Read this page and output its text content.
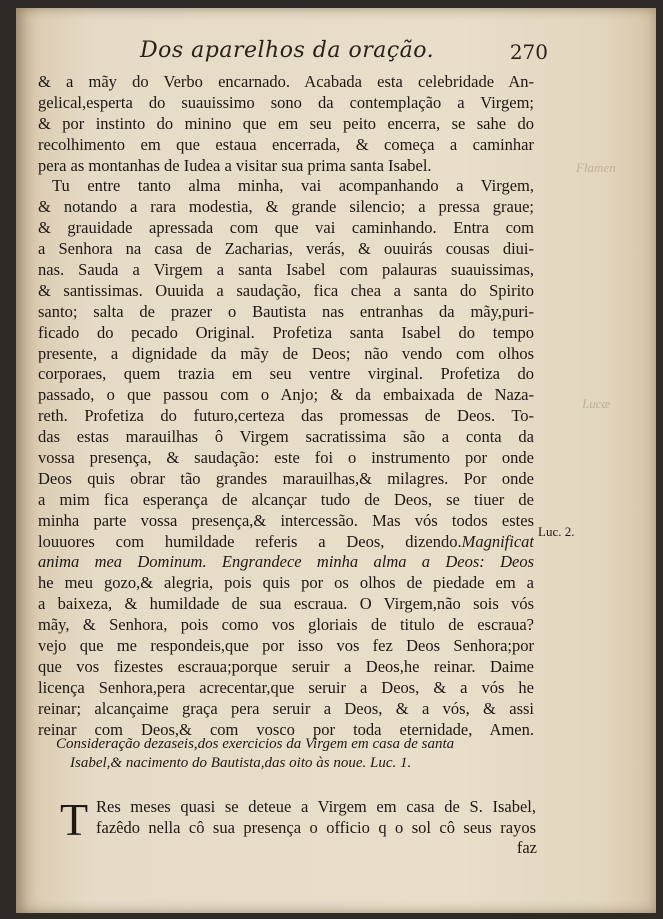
Flamen
Lucæ
Dos aparelhos da oração.	270
& a mãy do Verbo encarnado. Acabada esta celebridade An-
gelical,esperta do suauissimo sono da contemplação a Virgem;
& por instinto do minino que em seu peito encerra, se sahe do
recolhimento em que estaua encerrada, & começa a caminhar
pera as montanhas de Iudea a visitar sua prima santa Isabel.
Tu entre tanto alma minha, vai acompanhando a Virgem,
& notando a rara modestia, & grande silencio; a pressa graue;
& grauidade apressada com que vai caminhando. Entra com
a Senhora na casa de Zacharias, verás, & ouuirás cousas diui-
nas. Sauda a Virgem a santa Isabel com palauras suauissimas,
& santissimas. Ouuida a saudação, fica chea a santa do Spirito
santo; salta de prazer o Bautista nas entranhas da mãy,puri-
ficado do pecado Original. Profetiza santa Isabel do tempo
presente, a dignidade da mãy de Deos; não vendo com olhos
corporaes, quem trazia em seu ventre virginal. Profetiza do
passado, o que passou com o Anjo; & da embaixada de Naza-
reth. Profetiza do futuro,certeza das promessas de Deos. To-
das estas marauilhas ô Virgem sacratissima são a conta da
vossa presença, & saudação: este foi o instrumento por onde
Deos quis obrar tão grandes marauilhas,& milagres. Por onde
a mim fica esperança de alcançar tudo de Deos, se tiuer de
minha parte vossa presença,& intercessão. Mas vós todos estes
louuores com humildade referis a Deos, dizendo. Magnificat
anima mea Dominum. Engrandece minha alma a Deos: Deos
he meu gozo,& alegria, pois quis por os olhos de piedade em a
a baixeza, & humildade de sua escraua. O Virgem,não sois vós
mãy, & Senhora, pois como vos gloriais de titulo de escraua?
vejo que me respondeis,que por isso vos fez Deos Senhora;por
que vos fizestes escraua;porque seruir a Deos,he reinar. Daime
licença Senhora,pera acrecentar,que seruir a Deos, & a vós he
reinar; alcançaime graça pera seruir a Deos, & a vós, & assi
reinar com Deos,& com vosco por toda eternidade, Amen.
Luc. 2.
Consideração dezaseis,dos exercicios da Virgem em casa de santa
Isabel,& nacimento do Bautista,das oito às noue. Luc. 1.
T Res meses quasi se deteue a Virgem em casa de S. Isabel,
fazêdo nella cô sua presença o officio q o sol cô seus rayos
faz
